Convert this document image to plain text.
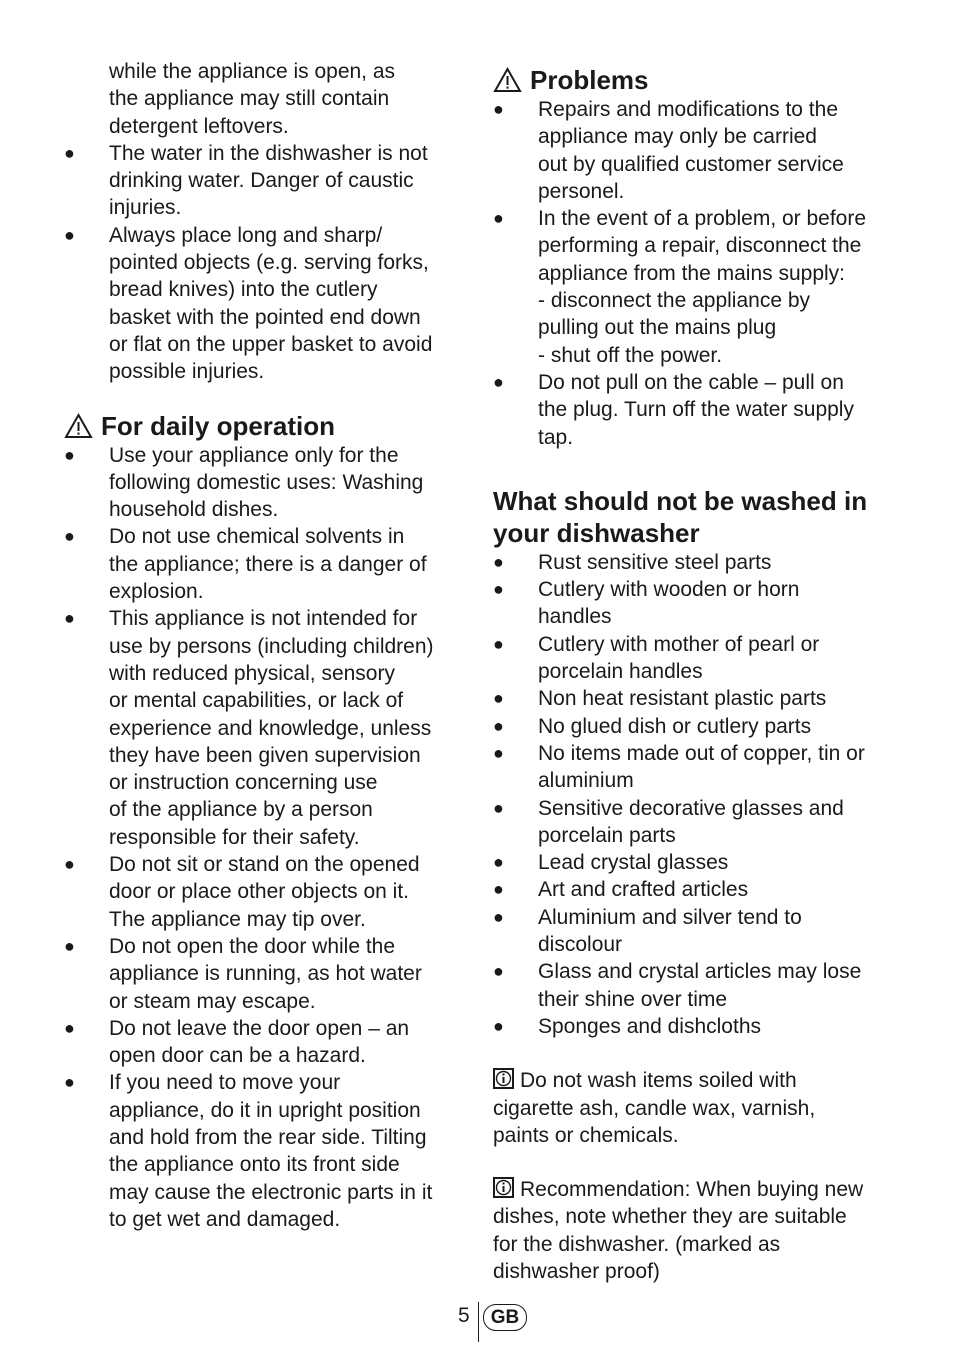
while the appliance is open, as
the appliance may still contain
detergent leftovers.
● The water in the dishwasher is not
drinking water. Danger of caustic
injuries.
● Always place long and sharp/
pointed objects (e.g. serving forks,
bread knives) into the cutlery
basket with the pointed end down
or flat on the upper basket to avoid
possible injuries.
For daily operation
● Use your appliance only for the
following domestic uses: Washing
household dishes.
● Do not use chemical solvents in
the appliance; there is a danger of
explosion.
● This appliance is not intended for
use by persons (including children)
with reduced physical, sensory
or mental capabilities, or lack of
experience and knowledge, unless
they have been given supervision
or instruction concerning use
of the appliance by a person
responsible for their safety.
● Do not sit or stand on the opened
door or place other objects on it.
The appliance may tip over.
● Do not open the door while the
appliance is running, as hot water
or steam may escape.
● Do not leave the door open – an
open door can be a hazard.
● If you need to move your
appliance, do it in upright position
and hold from the rear side. Tilting
the appliance onto its front side
may cause the electronic parts in it
to get wet and damaged.
Problems
● Repairs and modifications to the
appliance may only be carried
out by qualified customer service
personel.
● In the event of a problem, or before
performing a repair, disconnect the
appliance from the mains supply:
- disconnect the appliance by
pulling out the mains plug
- shut off the power.
● Do not pull on the cable – pull on
the plug. Turn off the water supply
tap.
What should not be washed in
your dishwasher
● Rust sensitive steel parts
● Cutlery with wooden or horn
handles
● Cutlery with mother of pearl or
porcelain handles
● Non heat resistant plastic parts
● No glued dish or cutlery parts
● No items made out of copper, tin or
aluminium
● Sensitive decorative glasses and
porcelain parts
● Lead crystal glasses
● Art and crafted articles
● Aluminium and silver tend to
discolour
● Glass and crystal articles may lose
their shine over time
● Sponges and dishcloths
Do not wash items soiled with
cigarette ash, candle wax, varnish,
paints or chemicals.
Recommendation: When buying new
dishes, note whether they are suitable
for the dishwasher. (marked as
dishwasher proof)
5	GB
